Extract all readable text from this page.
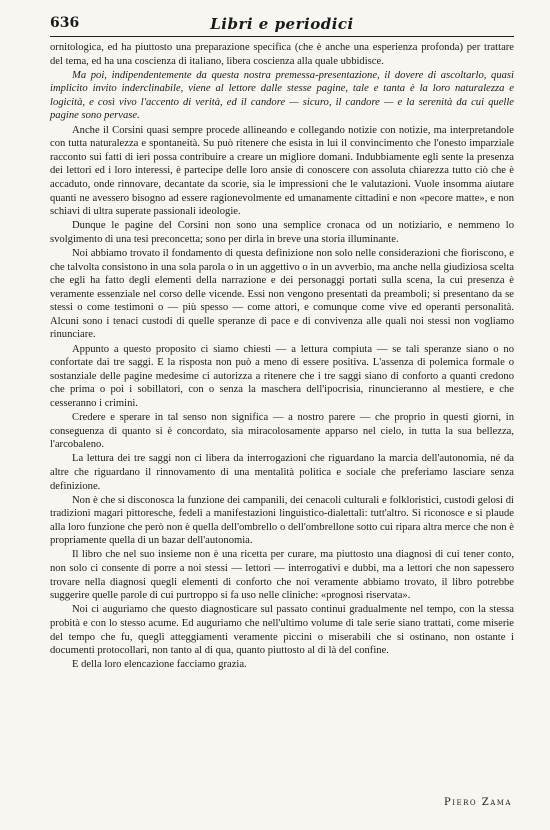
636	Libri e periodici

ornitologica, ed ha piuttosto una preparazione specifica (che è anche una esperienza profonda) per trattare del tema, ed ha una coscienza di italiano, libera coscienza alla quale ubbidisce.

Ma poi, indipendentemente da questa nostra premessa-presentazione, il dovere di ascoltarlo, quasi implicito invito inderclinabile, viene al lettore dalle stesse pagine, tale e tanta è la loro naturalezza e logicità, e così vivo l'accento di verità, ed il candore — sicuro, il candore — e la serenità da cui quelle pagine sono pervase.

Anche il Corsini quasi sempre procede allineando e collegando notizie con notizie, ma interpretandole con tutta naturalezza e spontaneità. Su può ritenere che esista in lui il convincimento che l'onesto imparziale racconto sui fatti di ieri possa contribuire a creare un migliore domani. Indubbiamente egli sente la presenza dei lettori ed i loro interessi, è partecipe delle loro ansie di conoscere con assoluta chiarezza tutto ciò che è accaduto, onde rinnovare, decantate da scorie, sia le impressioni che le valutazioni. Vuole insomma aiutare quanti ne avessero bisogno ad essere ragionevolmente ed umanamente cittadini e non «pecore matte», e non schiavi di ultra superate passionali ideologie.

Dunque le pagine del Corsini non sono una semplice cronaca od un notiziario, e nemmeno lo svolgimento di una tesi preconcetta; sono per dirla in breve una storia illuminante.

Noi abbiamo trovato il fondamento di questa definizione non solo nelle considerazioni che fioriscono, e che talvolta consistono in una sola parola o in un aggettivo o in un avverbio, ma anche nella giudiziosa scelta che egli ha fatto degli elementi della narrazione e dei personaggi portati sulla scena, la cui presenza è veramente essenziale nel corso delle vicende. Essi non vengono presentati da preamboli; si presentano da se stessi o come testimoni o — più spesso — come attori, e comunque come vive ed operanti personalità. Alcuni sono i tenaci custodi di quelle speranze di pace e di convivenza alle quali noi stessi non vogliamo rinunciare.

Appunto a questo proposito ci siamo chiesti — a lettura compiuta — se tali speranze siano o no confortate dai tre saggi. E la risposta non può a meno di essere positiva. L'assenza di polemica formale o sostanziale delle pagine medesime ci autorizza a ritenere che i tre saggi siano di conforto a quanti credono che prima o poi i sobillatori, con o senza la maschera dell'ipocrisia, rinuncieranno al mestiere, e che cesseranno i crimini.

Credere e sperare in tal senso non significa — a nostro parere — che proprio in questi giorni, in conseguenza di quanto si è concordato, sia miracolosamente apparso nel cielo, in tutta la sua bellezza, l'arcobaleno.

La lettura dei tre saggi non ci libera da interrogazioni che riguardano la marcia dell'autonomia, né da altre che riguardano il rinnovamento di una mentalità politica e sociale che preferiamo lasciare senza definizione.

Non è che si disconosca la funzione dei campanili, dei cenacoli culturali e folkloristici, custodi gelosi di tradizioni magari pittoresche, fedeli a manifestazioni linguistico-dialettali: tutt'altro. Si riconosce e si plaude alla loro funzione che però non è quella dell'ombrello o dell'ombrellone sotto cui ripara altra merce che non è propriamente quella di un bazar dell'autonomia.

Il libro che nel suo insieme non è una ricetta per curare, ma piuttosto una diagnosi di cui tener conto, non solo ci consente di porre a noi stessi — lettori — interrogativi e dubbi, ma a lettori che non sapessero trovare nella diagnosi quegli elementi di conforto che noi veramente abbiamo trovato, il libro potrebbe suggerire quelle parole di cui purtroppo si fa uso nelle cliniche: «prognosi riservata».

Noi ci auguriamo che questo diagnosticare sul passato continui gradualmente nel tempo, con la stessa probità e con lo stesso acume. Ed auguriamo che nell'ultimo volume di tale serie siano trattati, come miserie del tempo che fu, quegli atteggiamenti veramente piccini o miserabili che si ostinano, non ostante i documenti protocollari, non tanto al di qua, quanto piuttosto al di là del confine.

E della loro elencazione facciamo grazia.

Piero Zama
